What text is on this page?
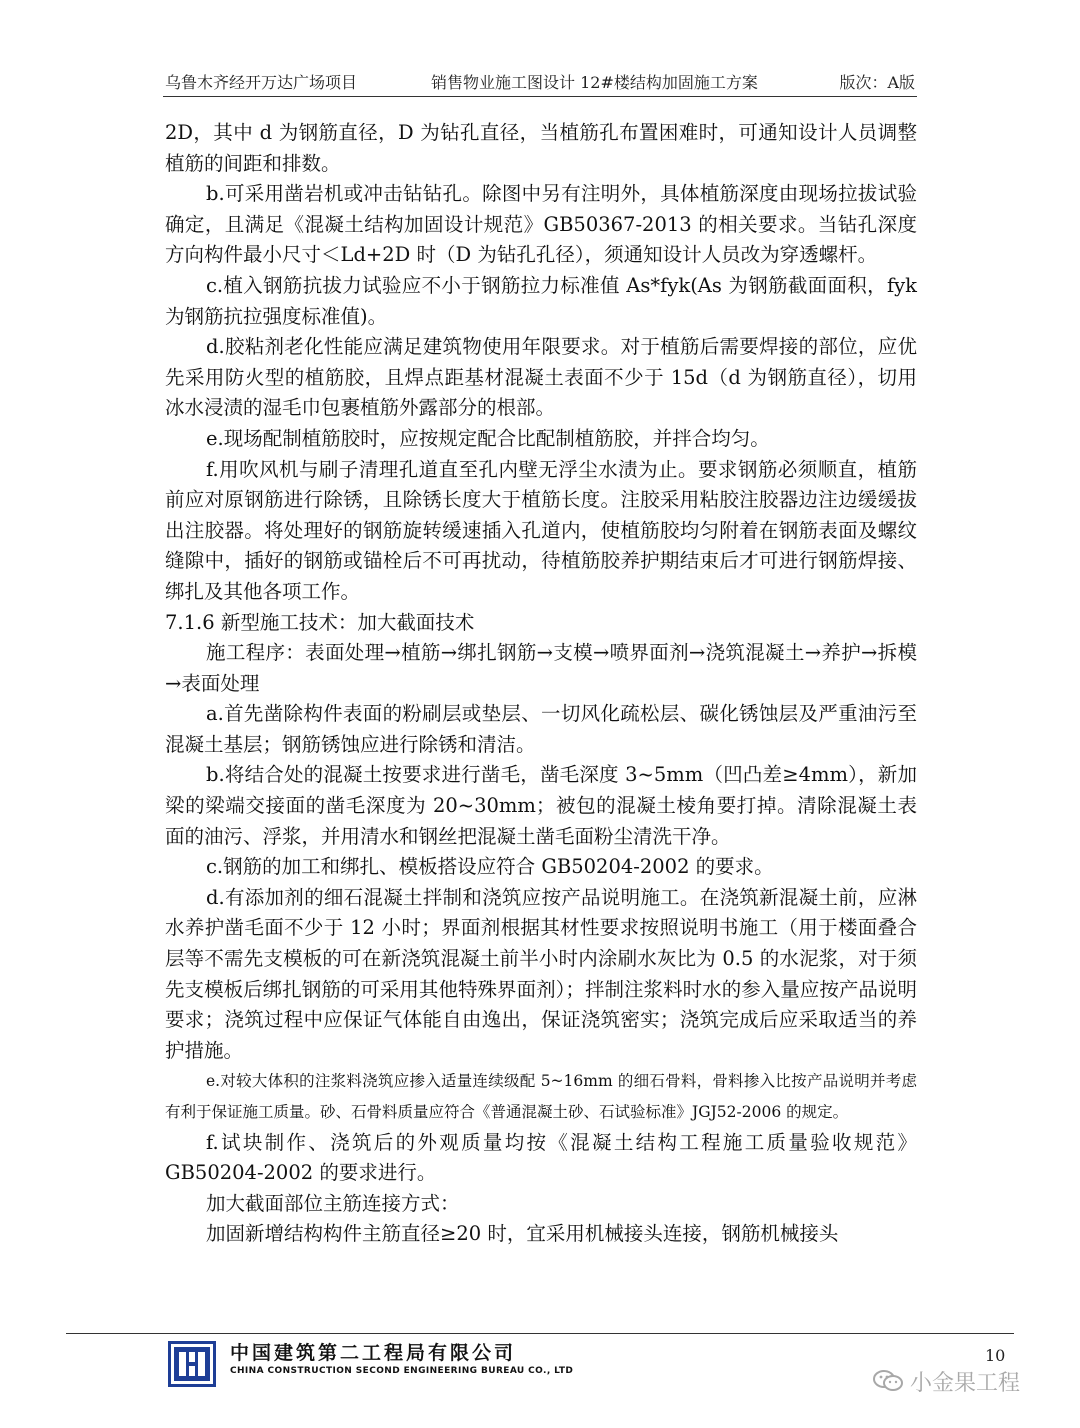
乌鲁木齐经开万达广场项目	销售物业施工图设计 12#楼结构加固施工方案	版次：A版

2D，其中 d 为钢筋直径，D 为钻孔直径，当植筋孔布置困难时，可通知设计人员调整植筋的间距和排数。

b.可采用凿岩机或冲击钻钻孔。除图中另有注明外，具体植筋深度由现场拉拔试验确定，且满足《混凝土结构加固设计规范》GB50367-2013 的相关要求。当钻孔深度方向构件最小尺寸＜Ld+2D 时（D 为钻孔孔径），须通知设计人员改为穿透螺杆。

c.植入钢筋抗拔力试验应不小于钢筋拉力标准值 As*fyk(As 为钢筋截面面积，fyk 为钢筋抗拉强度标准值)。

d.胶粘剂老化性能应满足建筑物使用年限要求。对于植筋后需要焊接的部位，应优先采用防火型的植筋胶，且焊点距基材混凝土表面不少于 15d（d 为钢筋直径），切用冰水浸渍的湿毛巾包裹植筋外露部分的根部。

e.现场配制植筋胶时，应按规定配合比配制植筋胶，并拌合均匀。

f.用吹风机与刷子清理孔道直至孔内壁无浮尘水渍为止。要求钢筋必须顺直，植筋前应对原钢筋进行除锈，且除锈长度大于植筋长度。注胶采用粘胶注胶器边注边缓缓拔出注胶器。将处理好的钢筋旋转缓速插入孔道内，使植筋胶均匀附着在钢筋表面及螺纹缝隙中，插好的钢筋或锚栓后不可再扰动，待植筋胶养护期结束后才可进行钢筋焊接、绑扎及其他各项工作。

7.1.6 新型施工技术：加大截面技术

施工程序：表面处理→植筋→绑扎钢筋→支模→喷界面剂→浇筑混凝土→养护→拆模→表面处理

a.首先凿除构件表面的粉刷层或垫层、一切风化疏松层、碳化锈蚀层及严重油污至混凝土基层；钢筋锈蚀应进行除锈和清洁。

b.将结合处的混凝土按要求进行凿毛，凿毛深度 3~5mm（凹凸差≥4mm），新加梁的梁端交接面的凿毛深度为 20~30mm；被包的混凝土棱角要打掉。清除混凝土表面的油污、浮浆，并用清水和钢丝把混凝土凿毛面粉尘清洗干净。

c.钢筋的加工和绑扎、模板搭设应符合 GB50204-2002 的要求。

d.有添加剂的细石混凝土拌制和浇筑应按产品说明施工。在浇筑新混凝土前，应淋水养护凿毛面不少于 12 小时；界面剂根据其材性要求按照说明书施工（用于楼面叠合层等不需先支模板的可在新浇筑混凝土前半小时内涂刷水灰比为 0.5 的水泥浆，对于须先支模板后绑扎钢筋的可采用其他特殊界面剂）；拌制注浆料时水的参入量应按产品说明要求；浇筑过程中应保证气体能自由逸出，保证浇筑密实；浇筑完成后应采取适当的养护措施。

e.对较大体积的注浆料浇筑应掺入适量连续级配 5~16mm 的细石骨料，骨料掺入比按产品说明并考虑有利于保证施工质量。砂、石骨料质量应符合《普通混凝土砂、石试验标准》JGJ52-2006 的规定。

f.试块制作、浇筑后的外观质量均按《混凝土结构工程施工质量验收规范》GB50204-2002 的要求进行。

加大截面部位主筋连接方式：

加固新增结构构件主筋直径≥20 时，宜采用机械接头连接，钢筋机械接头

中国建筑第二工程局有限公司
CHINA CONSTRUCTION SECOND ENGINEERING BUREAU CO., LTD
10
小金果工程
